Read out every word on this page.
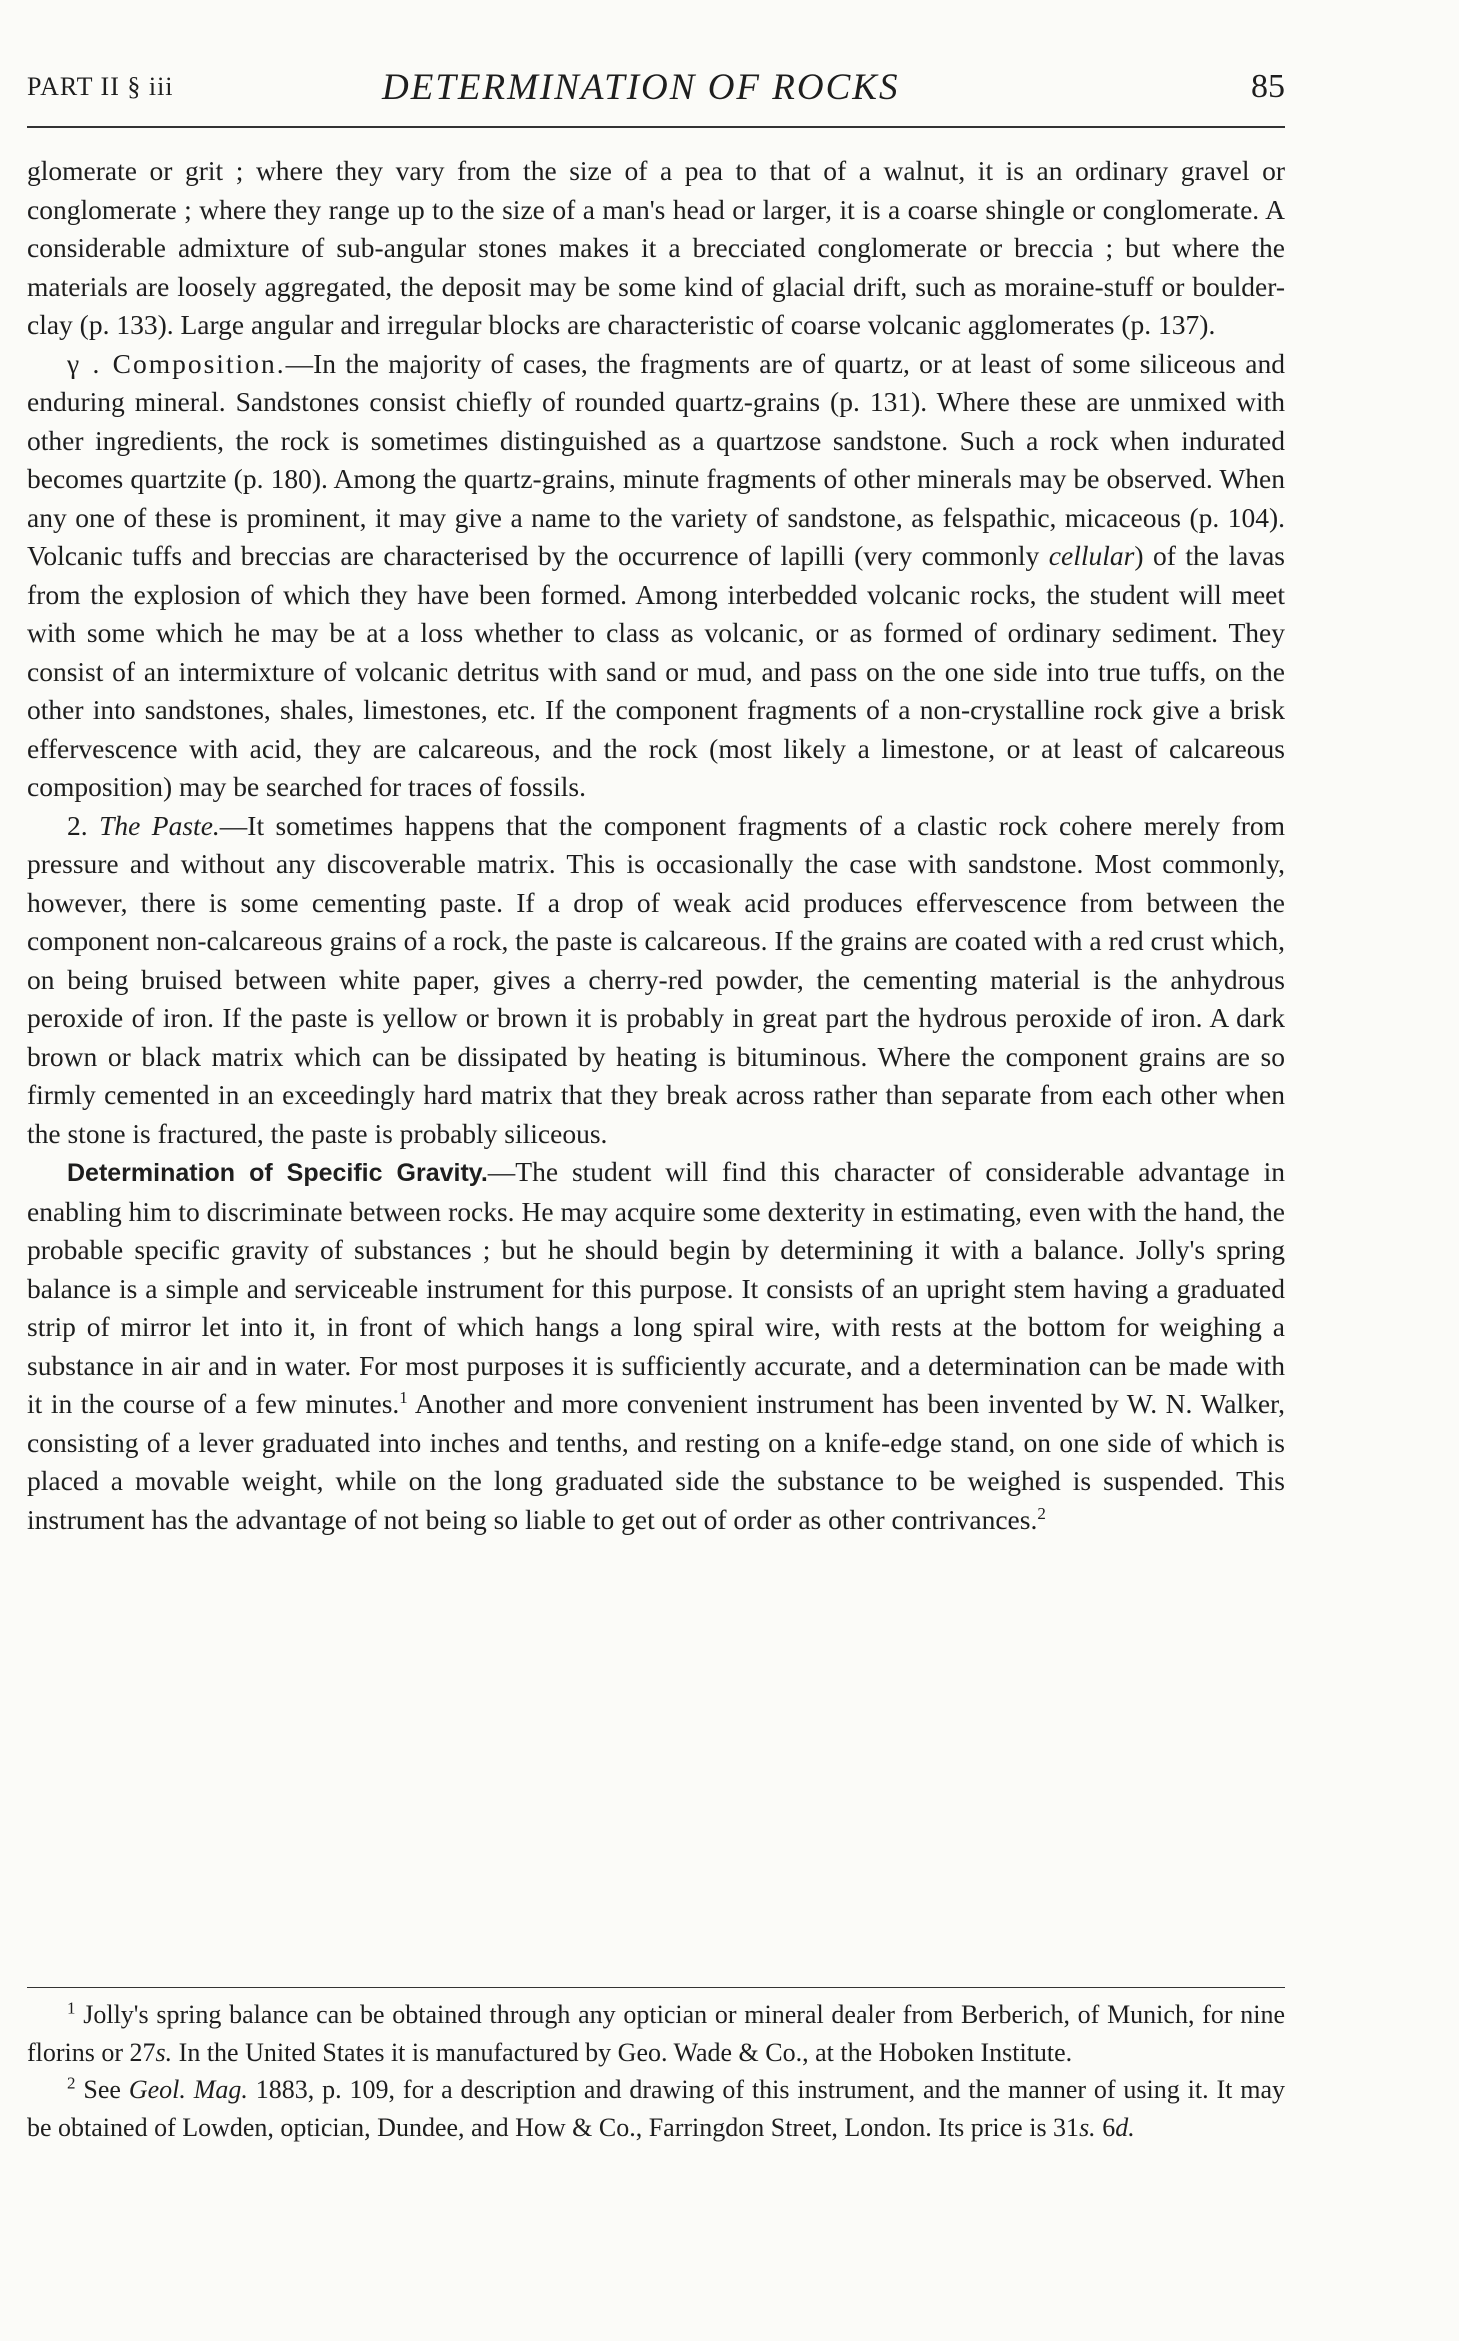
PART II § iii	DETERMINATION OF ROCKS	85

glomerate or grit ; where they vary from the size of a pea to that of a walnut, it is an ordinary gravel or conglomerate ; where they range up to the size of a man's head or larger, it is a coarse shingle or conglomerate. A considerable admixture of sub-angular stones makes it a brecciated conglomerate or breccia ; but where the materials are loosely aggregated, the deposit may be some kind of glacial drift, such as moraine-stuff or boulder-clay (p. 133). Large angular and irregular blocks are characteristic of coarse volcanic agglomerates (p. 137).

γ . Composition.—In the majority of cases, the fragments are of quartz, or at least of some siliceous and enduring mineral. Sandstones consist chiefly of rounded quartz-grains (p. 131). Where these are unmixed with other ingredients, the rock is sometimes distinguished as a quartzose sandstone. Such a rock when indurated becomes quartzite (p. 180). Among the quartz-grains, minute fragments of other minerals may be observed. When any one of these is prominent, it may give a name to the variety of sandstone, as felspathic, micaceous (p. 104). Volcanic tuffs and breccias are characterised by the occurrence of lapilli (very commonly cellular) of the lavas from the explosion of which they have been formed. Among interbedded volcanic rocks, the student will meet with some which he may be at a loss whether to class as volcanic, or as formed of ordinary sediment. They consist of an intermixture of volcanic detritus with sand or mud, and pass on the one side into true tuffs, on the other into sandstones, shales, limestones, etc. If the component fragments of a non-crystalline rock give a brisk effervescence with acid, they are calcareous, and the rock (most likely a limestone, or at least of calcareous composition) may be searched for traces of fossils.

2. The Paste.—It sometimes happens that the component fragments of a clastic rock cohere merely from pressure and without any discoverable matrix. This is occasionally the case with sandstone. Most commonly, however, there is some cementing paste. If a drop of weak acid produces effervescence from between the component non-calcareous grains of a rock, the paste is calcareous. If the grains are coated with a red crust which, on being bruised between white paper, gives a cherry-red powder, the cementing material is the anhydrous peroxide of iron. If the paste is yellow or brown it is probably in great part the hydrous peroxide of iron. A dark brown or black matrix which can be dissipated by heating is bituminous. Where the component grains are so firmly cemented in an exceedingly hard matrix that they break across rather than separate from each other when the stone is fractured, the paste is probably siliceous.

Determination of Specific Gravity.—The student will find this character of considerable advantage in enabling him to discriminate between rocks. He may acquire some dexterity in estimating, even with the hand, the probable specific gravity of substances ; but he should begin by determining it with a balance. Jolly's spring balance is a simple and serviceable instrument for this purpose. It consists of an upright stem having a graduated strip of mirror let into it, in front of which hangs a long spiral wire, with rests at the bottom for weighing a substance in air and in water. For most purposes it is sufficiently accurate, and a determination can be made with it in the course of a few minutes.$^1$ Another and more convenient instrument has been invented by W. N. Walker, consisting of a lever graduated into inches and tenths, and resting on a knife-edge stand, on one side of which is placed a movable weight, while on the long graduated side the substance to be weighed is suspended. This instrument has the advantage of not being so liable to get out of order as other contrivances.$^2$

$^1$ Jolly's spring balance can be obtained through any optician or mineral dealer from Berberich, of Munich, for nine florins or 27s. In the United States it is manufactured by Geo. Wade & Co., at the Hoboken Institute.

$^2$ See Geol. Mag. 1883, p. 109, for a description and drawing of this instrument, and the manner of using it. It may be obtained of Lowden, optician, Dundee, and How & Co., Farringdon Street, London. Its price is 31s. 6d.
